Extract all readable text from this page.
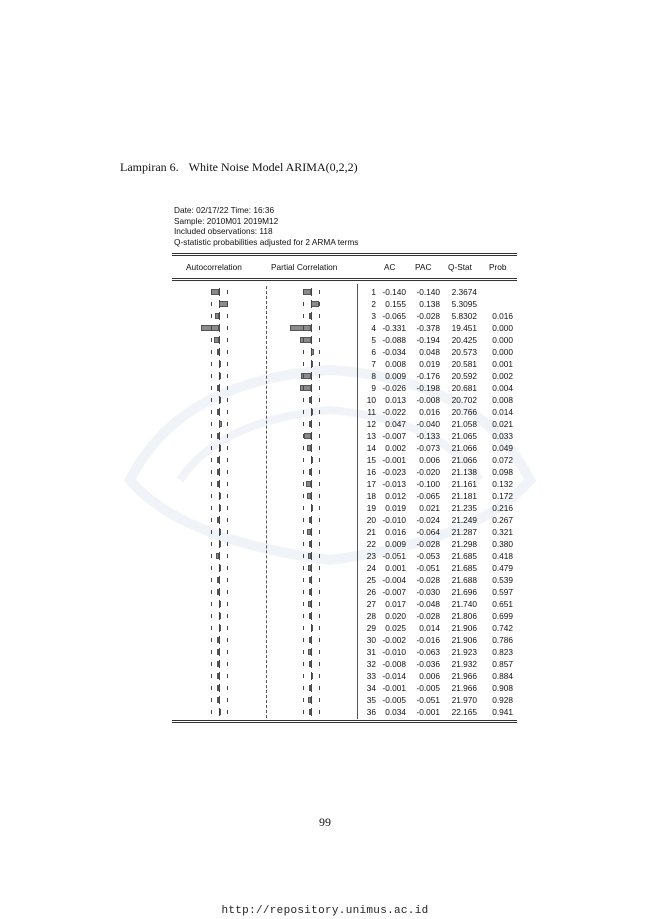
Lampiran 6. White Noise Model ARIMA(0,2,2)
Date: 02/17/22 Time: 16:36
Sample: 2010M01 2019M12
Included observations: 118
Q-statistic probabilities adjusted for 2 ARMA terms
Autocorrelation	Partial Correlation	AC PAC Q-Stat Prob
1 -0.140 -0.140 2.3674
2 0.155 0.138 5.3095
3 -0.065 -0.028 5.8302 0.016
4 -0.331 -0.378 19.451 0.000
5 -0.088 -0.194 20.425 0.000
6 -0.034 0.048 20.573 0.000
7 0.008 0.019 20.581 0.001
8 0.009 -0.176 20.592 0.002
9 -0.026 -0.198 20.681 0.004
10 0.013 -0.008 20.702 0.008
11 -0.022 0.016 20.766 0.014
12 0.047 -0.040 21.058 0.021
13 -0.007 -0.133 21.065 0.033
14 0.002 -0.073 21.066 0.049
15 -0.001 0.006 21.066 0.072
16 -0.023 -0.020 21.138 0.098
17 -0.013 -0.100 21.161 0.132
18 0.012 -0.065 21.181 0.172
19 0.019 0.021 21.235 0.216
20 -0.010 -0.024 21.249 0.267
21 0.016 -0.064 21.287 0.321
22 0.009 -0.028 21.298 0.380
23 -0.051 -0.053 21.685 0.418
24 0.001 -0.051 21.685 0.479
25 -0.004 -0.028 21.688 0.539
26 -0.007 -0.030 21.696 0.597
27 0.017 -0.048 21.740 0.651
28 0.020 -0.028 21.806 0.699
29 0.025 0.014 21.906 0.742
30 -0.002 -0.016 21.906 0.786
31 -0.010 -0.063 21.923 0.823
32 -0.008 -0.036 21.932 0.857
33 -0.014 0.006 21.966 0.884
34 -0.001 -0.005 21.966 0.908
35 -0.005 -0.051 21.970 0.928
36 0.034 -0.001 22.165 0.941
99
http://repository.unimus.ac.id
